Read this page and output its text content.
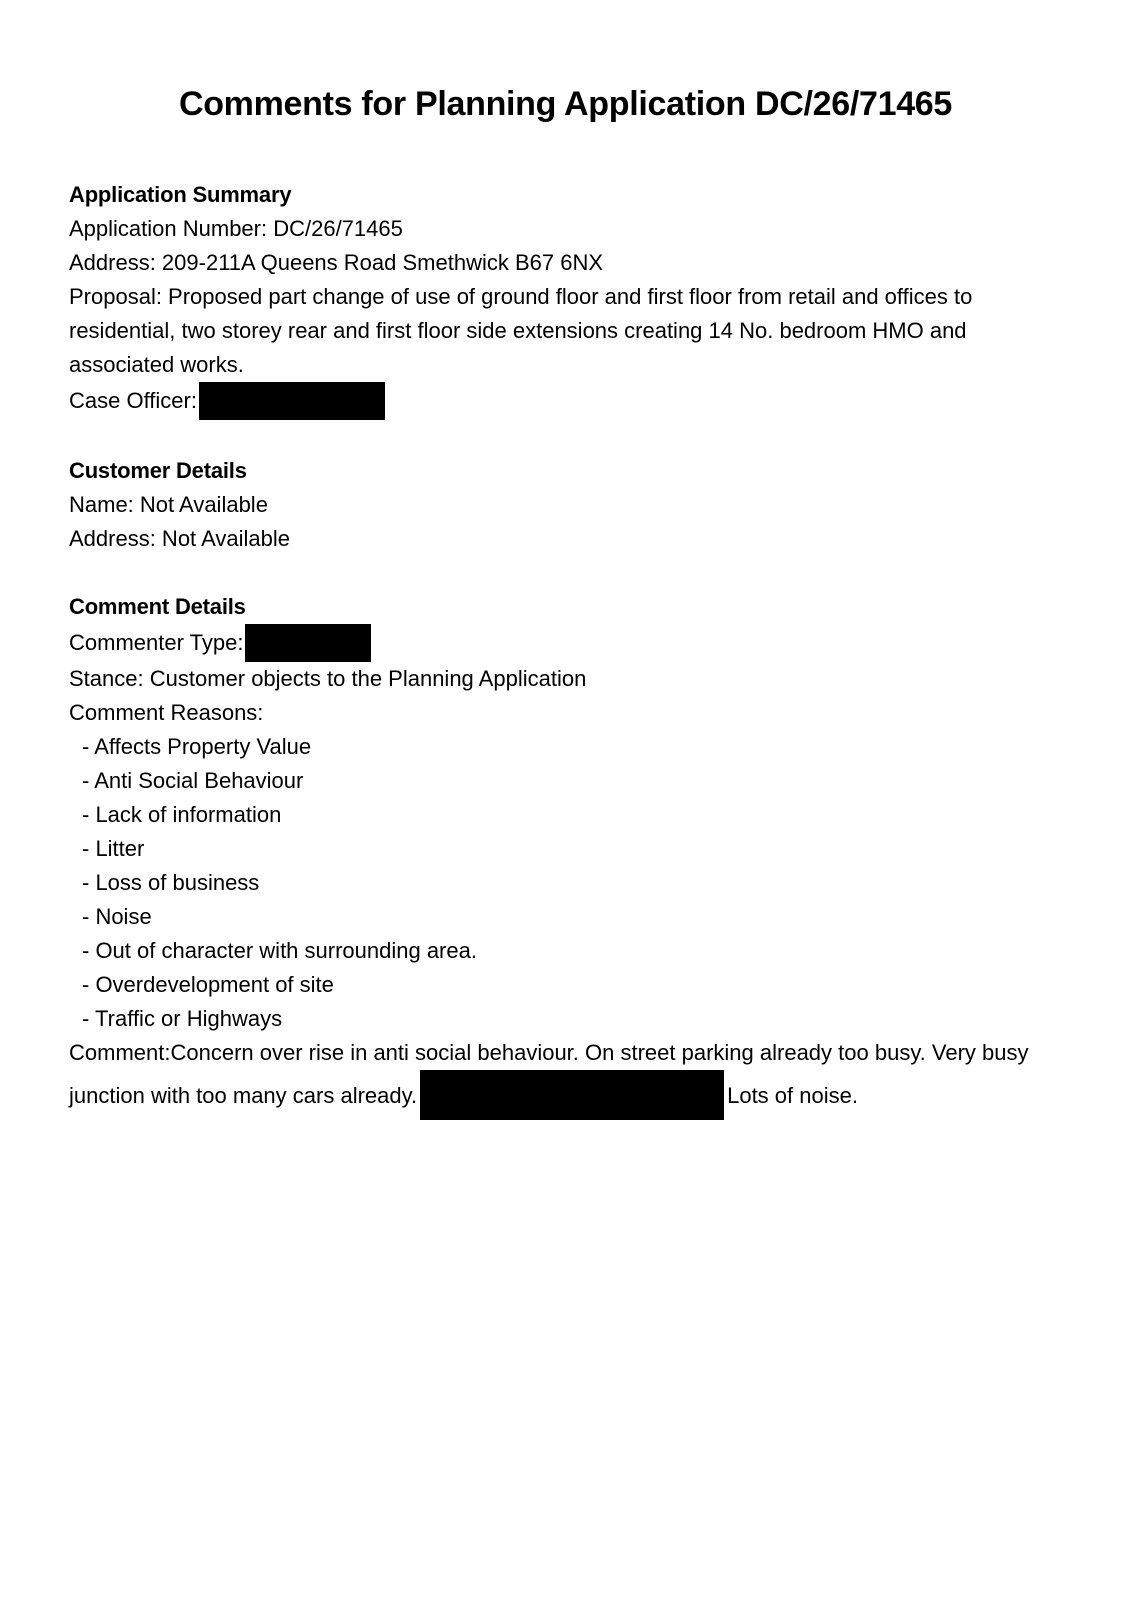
Comments for Planning Application DC/26/71465
Application Summary
Application Number: DC/26/71465
Address: 209-211A Queens Road Smethwick B67 6NX
Proposal: Proposed part change of use of ground floor and first floor from retail and offices to residential, two storey rear and first floor side extensions creating 14 No. bedroom HMO and associated works.
Case Officer:
Customer Details
Name: Not Available
Address: Not Available
Comment Details
Commenter Type:
Stance: Customer objects to the Planning Application
Comment Reasons:
- Affects Property Value
- Anti Social Behaviour
- Lack of information
- Litter
- Loss of business
- Noise
- Out of character with surrounding area.
- Overdevelopment of site
- Traffic or Highways
Comment:Concern over rise in anti social behaviour. On street parking already too busy. Very busy junction with too many cars already.	Lots of noise.
